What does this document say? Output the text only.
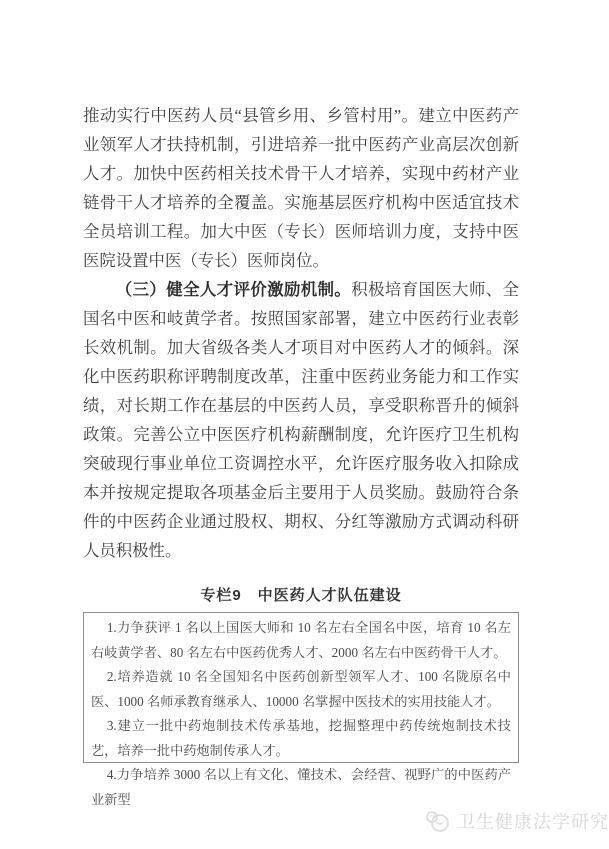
推动实行中医药人员“县管乡用、乡管村用”。建立中医药产业领军人才扶持机制，引进培养一批中医药产业高层次创新人才。加快中医药相关技术骨干人才培养，实现中药材产业链骨干人才培养的全覆盖。实施基层医疗机构中医适宜技术全员培训工程。加大中医（专长）医师培训力度，支持中医医院设置中医（专长）医师岗位。

（三）健全人才评价激励机制。积极培育国医大师、全国名中医和岐黄学者。按照国家部署，建立中医药行业表彰长效机制。加大省级各类人才项目对中医药人才的倾斜。深化中医药职称评聘制度改革，注重中医药业务能力和工作实绩，对长期工作在基层的中医药人员，享受职称晋升的倾斜政策。完善公立中医医疗机构薪酬制度，允许医疗卫生机构突破现行事业单位工资调控水平，允许医疗服务收入扣除成本并按规定提取各项基金后主要用于人员奖励。鼓励符合条件的中医药企业通过股权、期权、分红等激励方式调动科研人员积极性。

专栏9　中医药人才队伍建设

1.力争获评 1 名以上国医大师和 10 名左右全国名中医，培育 10 名左右岐黄学者、80 名左右中医药优秀人才、2000 名左右中医药骨干人才。

2.培养造就 10 名全国知名中医药创新型领军人才、100 名陇原名中医、1000 名师承教育继承人、10000 名掌握中医技术的实用技能人才。

3.建立一批中药炮制技术传承基地，挖掘整理中药传统炮制技术技艺，培养一批中药炮制传承人才。

4.力争培养 3000 名以上有文化、懂技术、会经营、视野广的中医药产业新型

卫生健康法学研究
